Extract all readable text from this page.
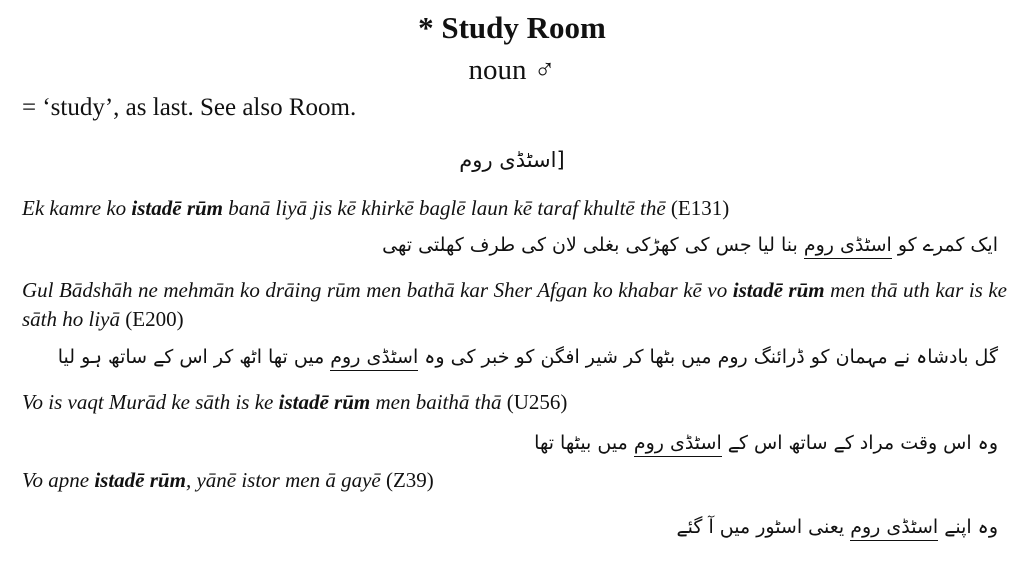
* Study Room
noun ♂
= ‘study’, as last. See also Room.
[اسٹڈی روم
Ek kamre ko istadē rūm banā liyā jis kē khirkē baglē laun kē taraf khultē thē (E131)
ایک کمرے کو اسٹڈی روم بنا لیا جس کی کھڑکی بغلی لان کی طرف کھلتی تھی
Gul Bādshāh ne mehmān ko drāing rūm men bathā kar Sher Afgan ko khabar kē vo istadē rūm men thā uth kar is ke sāth ho liyā (E200)
گل بادشاہ نے مہمان کو ڈرائنگ روم میں بٹھا کر شیر افگن کو خبر کی وہ اسٹڈی روم میں تھا اٹھ کر اس کے ساتھ ہو لیا
Vo is vaqt Murād ke sāth is ke istadē rūm men baithā thā (U256)
وہ اس وقت مراد کے ساتھ اس کے اسٹڈی روم میں بیٹھا تھا
Vo apne istadē rūm, yānē istor men ā gayē (Z39)
وہ اپنے اسٹڈی روم یعنی اسٹور میں آ گئے
